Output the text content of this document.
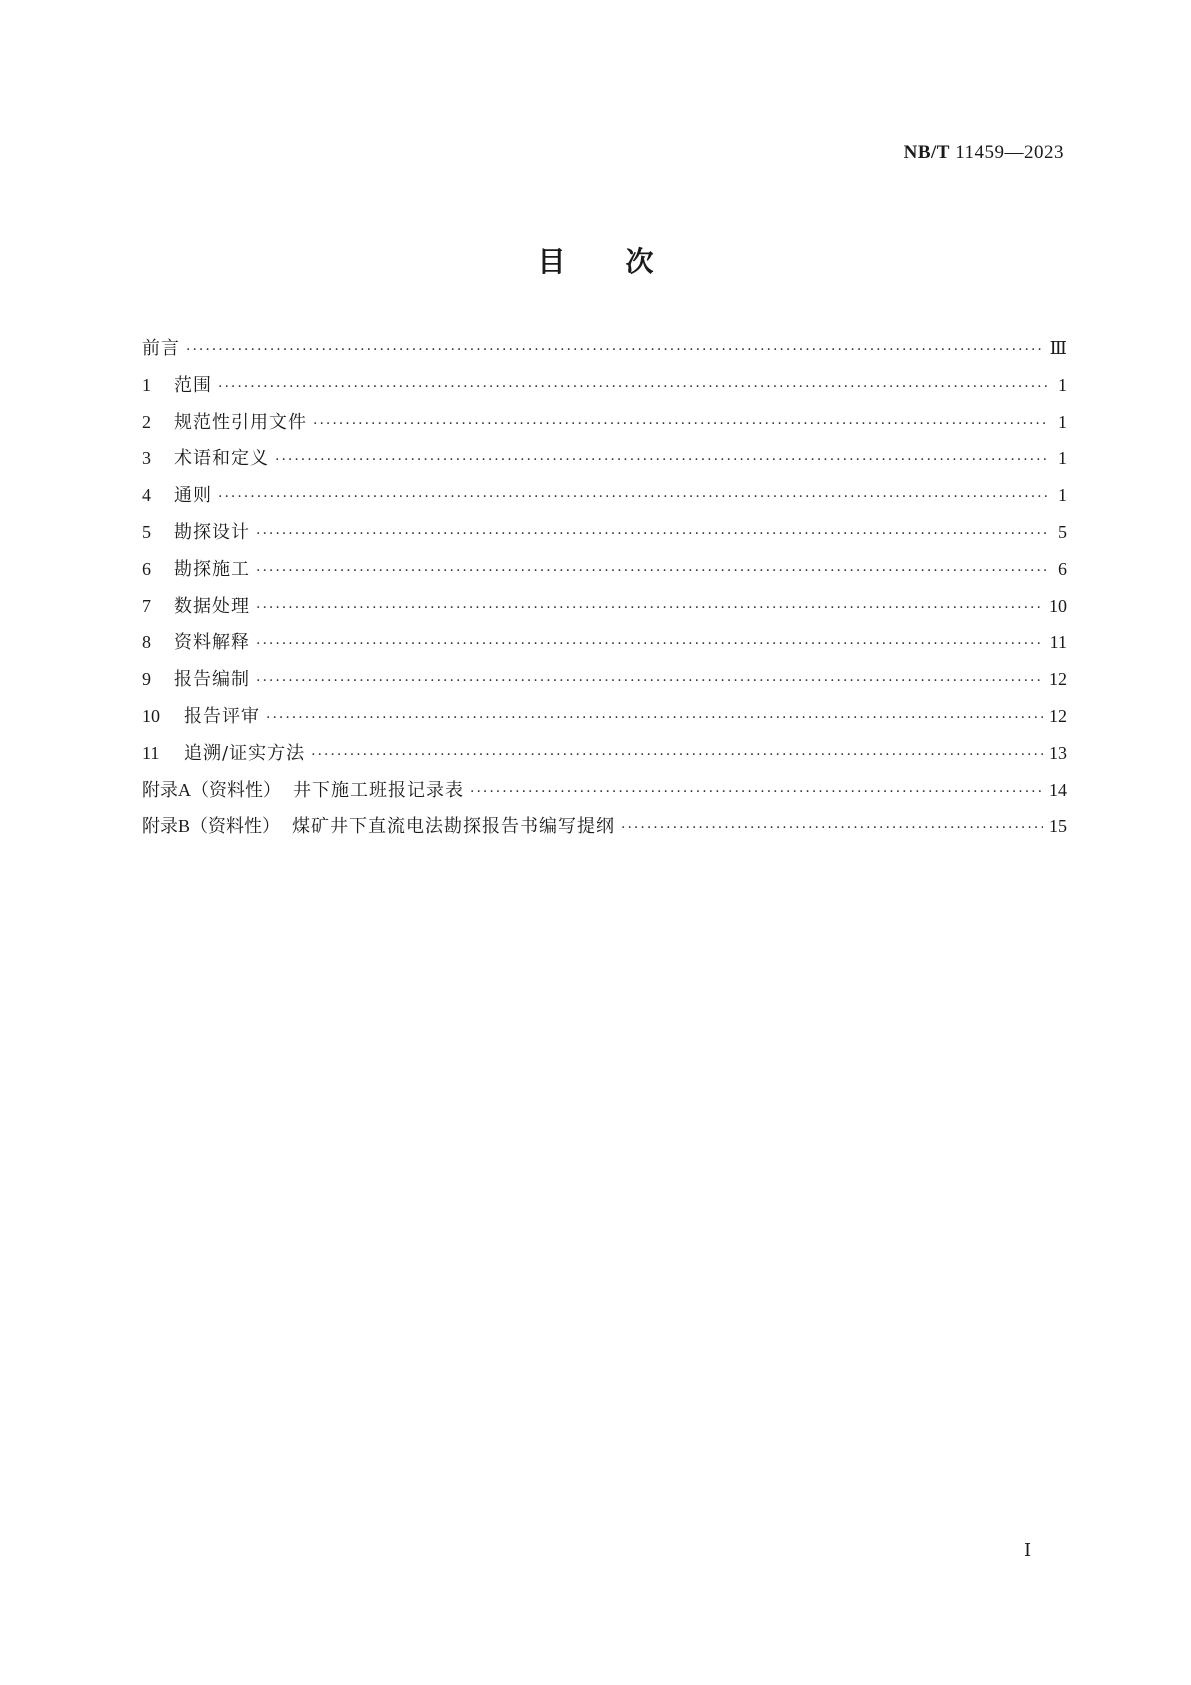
NB/T 11459—2023
目次
前言 ·····	Ⅲ
1 范围 ·····	1
2 规范性引用文件 ·····	1
3 术语和定义 ·····	1
4 通则 ·····	1
5 勘探设计 ·····	5
6 勘探施工 ·····	6
7 数据处理 ·····	10
8 资料解释 ·····	11
9 报告编制 ·····	12
10 报告评审 ·····	12
11 追溯/证实方法 ·····	13
附录A（资料性） 井下施工班报记录表 ·····	14
附录B（资料性） 煤矿井下直流电法勘探报告书编写提纲 ·····	15
Ⅰ
